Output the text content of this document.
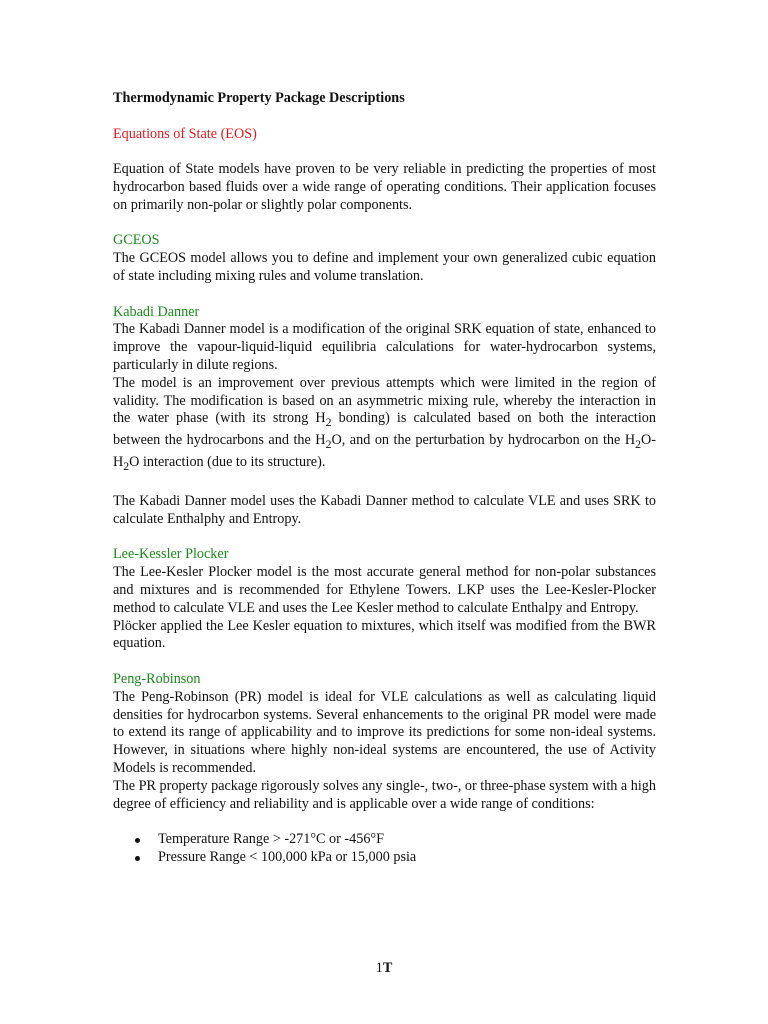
Thermodynamic Property Package Descriptions

Equations of State (EOS)

Equation of State models have proven to be very reliable in predicting the properties of most hydrocarbon based fluids over a wide range of operating conditions. Their application focuses on primarily non-polar or slightly polar components.

GCEOS

The GCEOS model allows you to define and implement your own generalized cubic equation of state including mixing rules and volume translation.

Kabadi Danner

The Kabadi Danner model is a modification of the original SRK equation of state, enhanced to improve the vapour-liquid-liquid equilibria calculations for water-hydrocarbon systems, particularly in dilute regions.

The model is an improvement over previous attempts which were limited in the region of validity. The modification is based on an asymmetric mixing rule, whereby the interaction in the water phase (with its strong $H_2$ bonding) is calculated based on both the interaction between the hydrocarbons and the $H_2O$, and on the perturbation by hydrocarbon on the $H_2O-H_2O$ interaction (due to its structure).

The Kabadi Danner model uses the Kabadi Danner method to calculate VLE and uses SRK to calculate Enthalphy and Entropy.

Lee-Kessler Plocker

The Lee-Kesler Plocker model is the most accurate general method for non-polar substances and mixtures and is recommended for Ethylene Towers. LKP uses the Lee-Kesler-Plocker method to calculate VLE and uses the Lee Kesler method to calculate Enthalpy and Entropy.

Plöcker applied the Lee Kesler equation to mixtures, which itself was modified from the BWR equation.

Peng-Robinson

The Peng-Robinson (PR) model is ideal for VLE calculations as well as calculating liquid densities for hydrocarbon systems. Several enhancements to the original PR model were made to extend its range of applicability and to improve its predictions for some non-ideal systems. However, in situations where highly non-ideal systems are encountered, the use of Activity Models is recommended.

The PR property package rigorously solves any single-, two-, or three-phase system with a high degree of efficiency and reliability and is applicable over a wide range of conditions:

Temperature Range > -271°C or -456°F
Pressure Range < 100,000 kPa or 15,000 psia
1T
